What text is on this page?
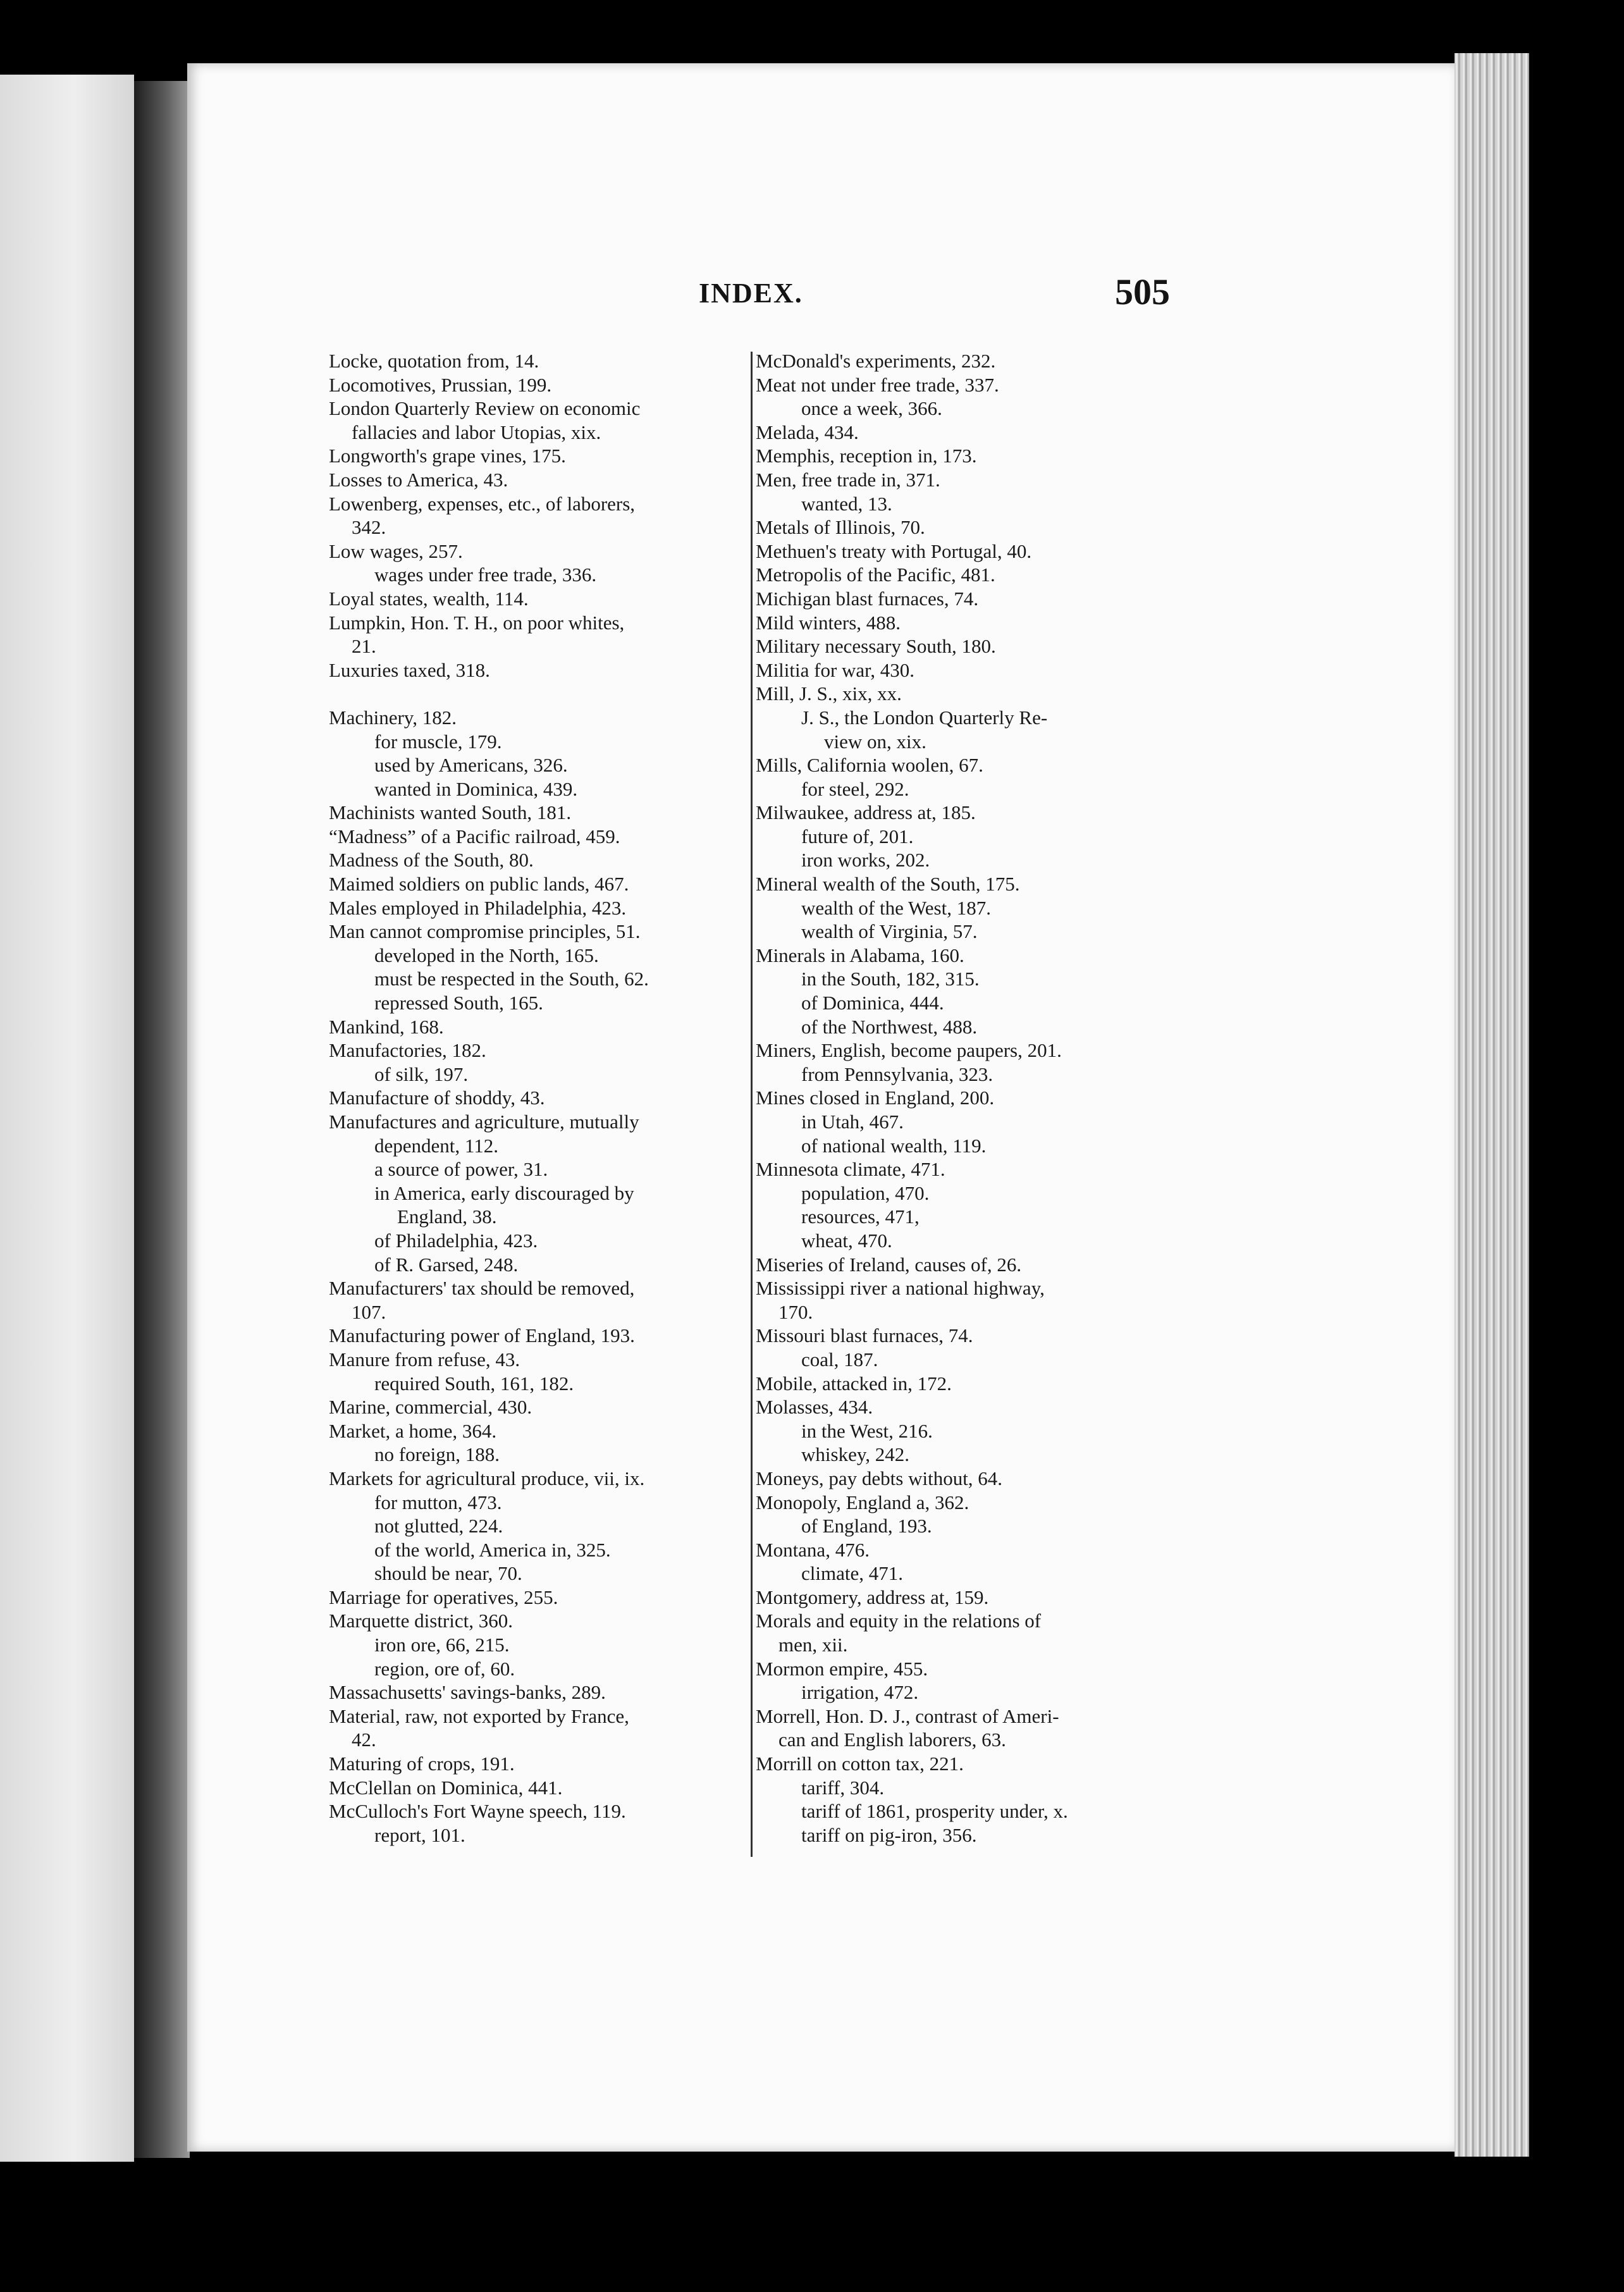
INDEX.	505

Locke, quotation from, 14.

Locomotives, Prussian, 199.

London Quarterly Review on economic

fallacies and labor Utopias, xix.

Longworth's grape vines, 175.

Losses to America, 43.

Lowenberg, expenses, etc., of laborers,

342.

Low wages, 257.

wages under free trade, 336.

Loyal states, wealth, 114.

Lumpkin, Hon. T. H., on poor whites,

21.

Luxuries taxed, 318.

Machinery, 182.

for muscle, 179.

used by Americans, 326.

wanted in Dominica, 439.

Machinists wanted South, 181.

“Madness” of a Pacific railroad, 459.

Madness of the South, 80.

Maimed soldiers on public lands, 467.

Males employed in Philadelphia, 423.

Man cannot compromise principles, 51.

developed in the North, 165.

must be respected in the South, 62.

repressed South, 165.

Mankind, 168.

Manufactories, 182.

of silk, 197.

Manufacture of shoddy, 43.

Manufactures and agriculture, mutually

dependent, 112.

a source of power, 31.

in America, early discouraged by

England, 38.

of Philadelphia, 423.

of R. Garsed, 248.

Manufacturers' tax should be removed,

107.

Manufacturing power of England, 193.

Manure from refuse, 43.

required South, 161, 182.

Marine, commercial, 430.

Market, a home, 364.

no foreign, 188.

Markets for agricultural produce, vii, ix.

for mutton, 473.

not glutted, 224.

of the world, America in, 325.

should be near, 70.

Marriage for operatives, 255.

Marquette district, 360.

iron ore, 66, 215.

region, ore of, 60.

Massachusetts' savings-banks, 289.

Material, raw, not exported by France,

42.

Maturing of crops, 191.

McClellan on Dominica, 441.

McCulloch's Fort Wayne speech, 119.

report, 101.

McDonald's experiments, 232.

Meat not under free trade, 337.

once a week, 366.

Melada, 434.

Memphis, reception in, 173.

Men, free trade in, 371.

wanted, 13.

Metals of Illinois, 70.

Methuen's treaty with Portugal, 40.

Metropolis of the Pacific, 481.

Michigan blast furnaces, 74.

Mild winters, 488.

Military necessary South, 180.

Militia for war, 430.

Mill, J. S., xix, xx.

J. S., the London Quarterly Re-

view on, xix.

Mills, California woolen, 67.

for steel, 292.

Milwaukee, address at, 185.

future of, 201.

iron works, 202.

Mineral wealth of the South, 175.

wealth of the West, 187.

wealth of Virginia, 57.

Minerals in Alabama, 160.

in the South, 182, 315.

of Dominica, 444.

of the Northwest, 488.

Miners, English, become paupers, 201.

from Pennsylvania, 323.

Mines closed in England, 200.

in Utah, 467.

of national wealth, 119.

Minnesota climate, 471.

population, 470.

resources, 471,

wheat, 470.

Miseries of Ireland, causes of, 26.

Mississippi river a national highway,

170.

Missouri blast furnaces, 74.

coal, 187.

Mobile, attacked in, 172.

Molasses, 434.

in the West, 216.

whiskey, 242.

Moneys, pay debts without, 64.

Monopoly, England a, 362.

of England, 193.

Montana, 476.

climate, 471.

Montgomery, address at, 159.

Morals and equity in the relations of

men, xii.

Mormon empire, 455.

irrigation, 472.

Morrell, Hon. D. J., contrast of Ameri-

can and English laborers, 63.

Morrill on cotton tax, 221.

tariff, 304.

tariff of 1861, prosperity under, x.

tariff on pig-iron, 356.
